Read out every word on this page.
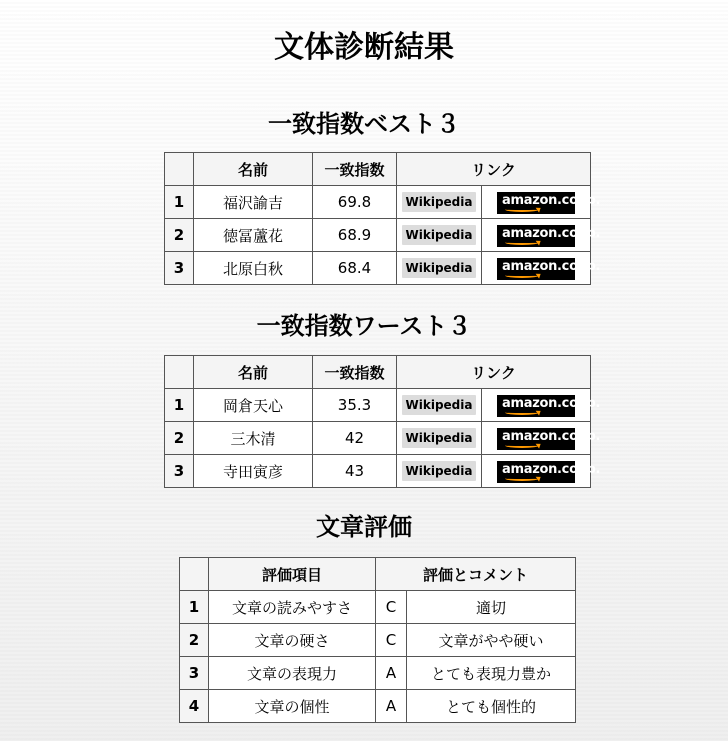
文体診断結果
一致指数ベスト３
	名前	一致指数	リンク	
1	福沢諭吉	69.8	Wikipedia	amazon.co.jp.

2	徳冨蘆花	68.9	Wikipedia	amazon.co.jp.

3	北原白秋	68.4	Wikipedia	amazon.co.jp.
一致指数ワースト３
	名前	一致指数	リンク	
1	岡倉天心	35.3	Wikipedia	amazon.co.jp.

2	三木清	42	Wikipedia	amazon.co.jp.

3	寺田寅彦	43	Wikipedia	amazon.co.jp.
文章評価
	評価項目	評価とコメント	
1	文章の読みやすさ	C	適切
2	文章の硬さ	C	文章がやや硬い
3	文章の表現力	A	とても表現力豊か
4	文章の個性	A	とても個性的
